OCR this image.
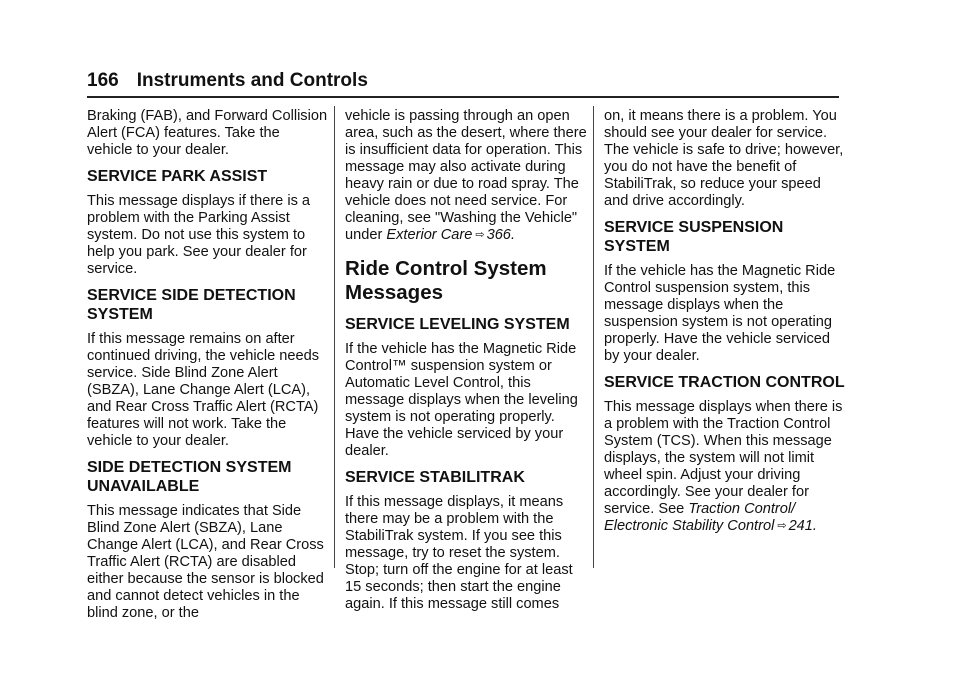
166 Instruments and Controls

Braking (FAB), and Forward Collision Alert (FCA) features. Take the vehicle to your dealer.

SERVICE PARK ASSIST

This message displays if there is a problem with the Parking Assist system. Do not use this system to help you park. See your dealer for service.

SERVICE SIDE DETECTION SYSTEM

If this message remains on after continued driving, the vehicle needs service. Side Blind Zone Alert (SBZA), Lane Change Alert (LCA), and Rear Cross Traffic Alert (RCTA) features will not work. Take the vehicle to your dealer.

SIDE DETECTION SYSTEM UNAVAILABLE

This message indicates that Side Blind Zone Alert (SBZA), Lane Change Alert (LCA), and Rear Cross Traffic Alert (RCTA) are disabled either because the sensor is blocked and cannot detect vehicles in the blind zone, or the

vehicle is passing through an open area, such as the desert, where there is insufficient data for operation. This message may also activate during heavy rain or due to road spray. The vehicle does not need service. For cleaning, see "Washing the Vehicle" under Exterior Care ⇨ 366.

Ride Control System Messages
SERVICE LEVELING SYSTEM

If the vehicle has the Magnetic Ride Control™ suspension system or Automatic Level Control, this message displays when the leveling system is not operating properly. Have the vehicle serviced by your dealer.

SERVICE STABILITRAK

If this message displays, it means there may be a problem with the StabiliTrak system. If you see this message, try to reset the system. Stop; turn off the engine for at least 15 seconds; then start the engine again. If this message still comes

on, it means there is a problem. You should see your dealer for service. The vehicle is safe to drive; however, you do not have the benefit of StabiliTrak, so reduce your speed and drive accordingly.

SERVICE SUSPENSION SYSTEM

If the vehicle has the Magnetic Ride Control suspension system, this message displays when the suspension system is not operating properly. Have the vehicle serviced by your dealer.

SERVICE TRACTION CONTROL

This message displays when there is a problem with the Traction Control System (TCS). When this message displays, the system will not limit wheel spin. Adjust your driving accordingly. See your dealer for service. See Traction Control/ Electronic Stability Control ⇨ 241.
